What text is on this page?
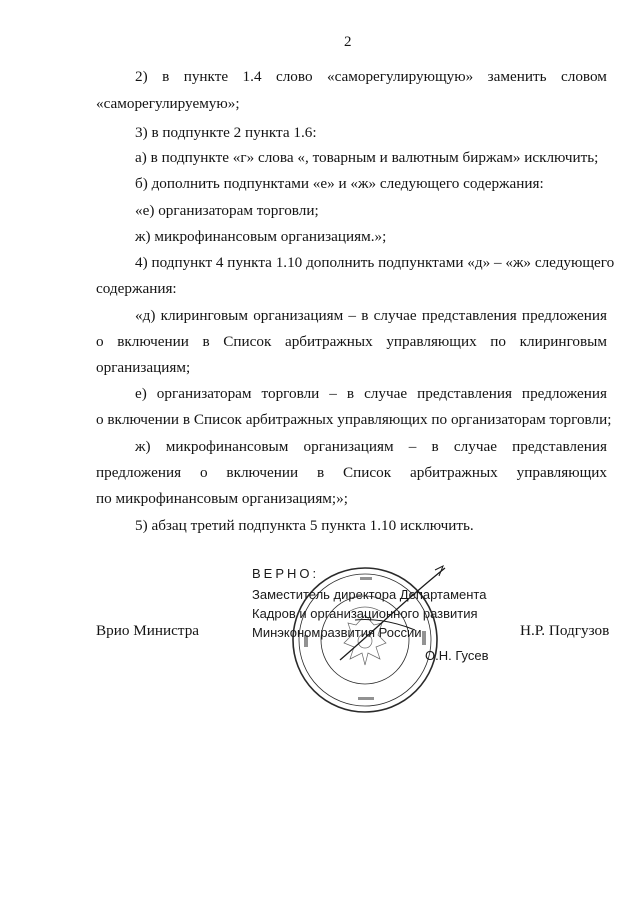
2
2) в пункте 1.4 слово «саморегулирующую» заменить словом
«саморегулируемую»;
3) в подпункте 2 пункта 1.6:
а) в подпункте «г» слова «, товарным и валютным биржам» исключить;
б) дополнить подпунктами «е» и «ж» следующего содержания:
«е) организаторам торговли;
ж) микрофинансовым организациям.»;
4) подпункт 4 пункта 1.10 дополнить подпунктами «д» – «ж» следующего
содержания:
«д) клиринговым организациям – в случае представления предложения
о включении в Список арбитражных управляющих по клиринговым
организациям;
е) организаторам торговли – в случае представления предложения
о включении в Список арбитражных управляющих по организаторам торговли;
ж) микрофинансовым организациям – в случае представления
предложения о включении в Список арбитражных управляющих
по микрофинансовым организациям;»;
5) абзац третий подпункта 5 пункта 1.10 исключить.
ВЕРНО:
Заместитель директора Департамента
Кадров и организационного развития
Минэкономразвития России
О.Н. Гусев
Врио Министра	Н.Р. Подгузов
